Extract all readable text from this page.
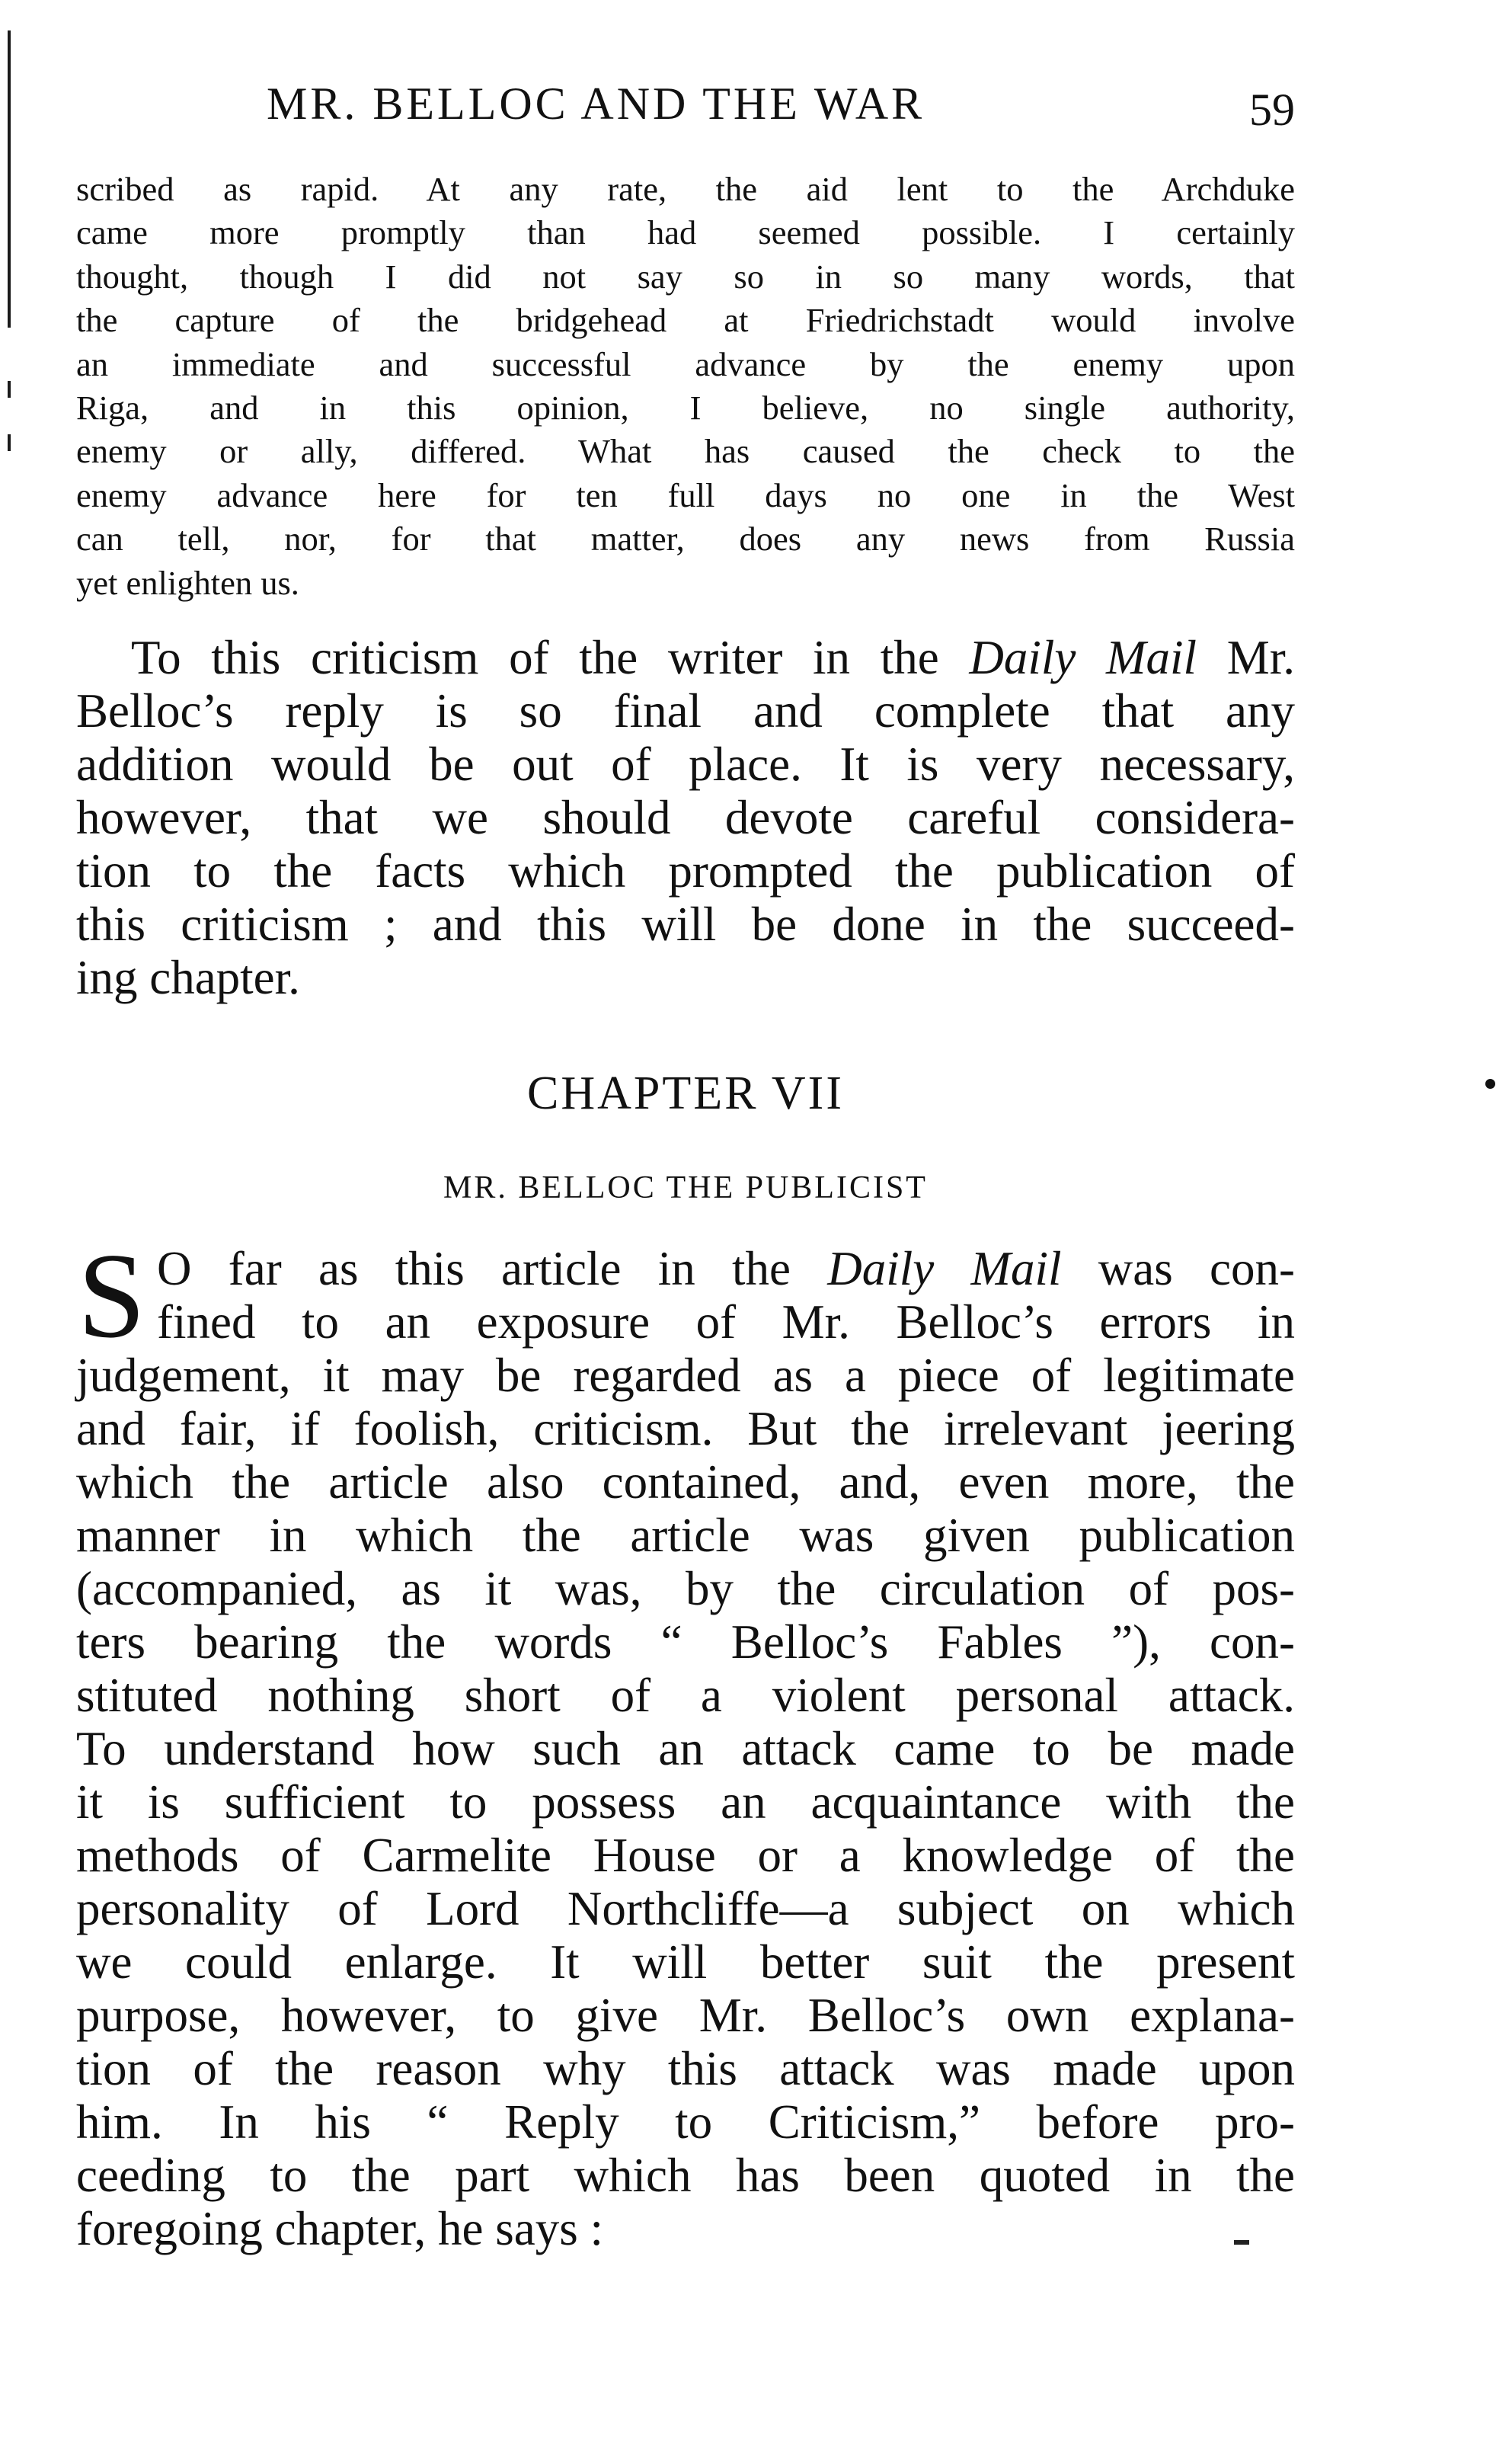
MR. BELLOC AND THE WAR	59
scribed as rapid. At any rate, the aid lent to the Archduke
came more promptly than had seemed possible. I certainly
thought, though I did not say so in so many words, that
the capture of the bridgehead at Friedrichstadt would involve
an immediate and successful advance by the enemy upon
Riga, and in this opinion, I believe, no single authority,
enemy or ally, differed. What has caused the check to the
enemy advance here for ten full days no one in the West
can tell, nor, for that matter, does any news from Russia
yet enlighten us.
To this criticism of the writer in the Daily Mail Mr.
Belloc’s reply is so final and complete that any
addition would be out of place. It is very necessary,
however, that we should devote careful considera-
tion to the facts which prompted the publication of
this criticism ; and this will be done in the succeed-
ing chapter.
CHAPTER VII
MR. BELLOC THE PUBLICIST
S O far as this article in the Daily Mail was con-
fined to an exposure of Mr. Belloc’s errors in
judgement, it may be regarded as a piece of legitimate
and fair, if foolish, criticism. But the irrelevant jeering
which the article also contained, and, even more, the
manner in which the article was given publication
(accompanied, as it was, by the circulation of pos-
ters bearing the words “ Belloc’s Fables ”), con-
stituted nothing short of a violent personal attack.
To understand how such an attack came to be made
it is sufficient to possess an acquaintance with the
methods of Carmelite House or a knowledge of the
personality of Lord Northcliffe—a subject on which
we could enlarge. It will better suit the present
purpose, however, to give Mr. Belloc’s own explana-
tion of the reason why this attack was made upon
him. In his “ Reply to Criticism,” before pro-
ceeding to the part which has been quoted in the
foregoing chapter, he says :
